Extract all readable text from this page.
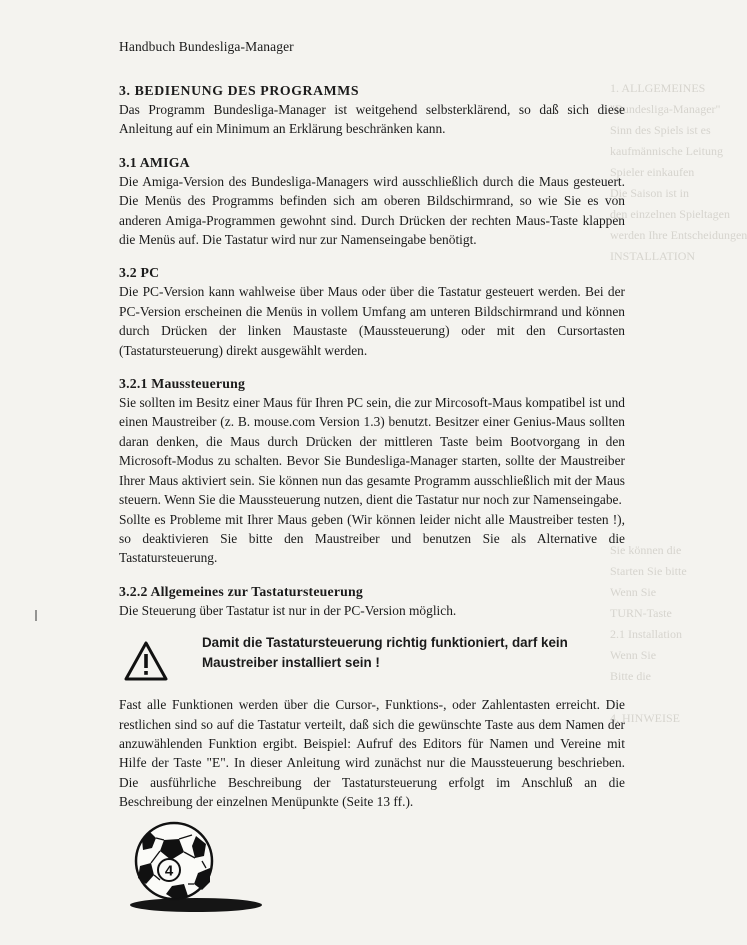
1. ALLGEMEINES
"Bundesliga-Manager"
Sinn des Spiels ist es
kaufmännische Leitung
Spieler einkaufen
Die Saison ist in
den einzelnen Spieltagen
werden Ihre Entscheidungen
INSTALLATION
Sie können die
Starten Sie bitte
Wenn Sie
TURN-Taste
2.1 Installation
Wenn Sie
Bitte die
4. HINWEISE
Handbuch Bundesliga-Manager
3. BEDIENUNG DES PROGRAMMS

Das Programm Bundesliga-Manager ist weitgehend selbsterklärend, so daß sich diese Anleitung auf ein Minimum an Erklärung beschränken kann.

3.1 AMIGA

Die Amiga-Version des Bundesliga-Managers wird ausschließlich durch die Maus gesteuert. Die Menüs des Programms befinden sich am oberen Bildschirmrand, so wie Sie es von anderen Amiga-Programmen gewohnt sind. Durch Drücken der rechten Maus-Taste klappen die Menüs auf. Die Tastatur wird nur zur Namenseingabe benötigt.

3.2 PC

Die PC-Version kann wahlweise über Maus oder über die Tastatur gesteuert werden. Bei der PC-Version erscheinen die Menüs in vollem Umfang am unteren Bildschirmrand und können durch Drücken der linken Maustaste (Maussteuerung) oder mit den Cursortasten (Tastatursteuerung) direkt ausgewählt werden.

3.2.1 Maussteuerung

Sie sollten im Besitz einer Maus für Ihren PC sein, die zur Mircosoft-Maus kompatibel ist und einen Maustreiber (z. B. mouse.com Version 1.3) benutzt. Besitzer einer Genius-Maus sollten daran denken, die Maus durch Drücken der mittleren Taste beim Bootvorgang in den Microsoft-Modus zu schalten. Bevor Sie Bundesliga-Manager starten, sollte der Maustreiber Ihrer Maus aktiviert sein. Sie können nun das gesamte Programm ausschließlich mit der Maus steuern. Wenn Sie die Maussteuerung nutzen, dient die Tastatur nur noch zur Namenseingabe.

Sollte es Probleme mit Ihrer Maus geben (Wir können leider nicht alle Maustreiber testen !), so deaktivieren Sie bitte den Maustreiber und benutzen Sie als Alternative die Tastatursteuerung.

3.2.2 Allgemeines zur Tastatursteuerung

Die Steuerung über Tastatur ist nur in der PC-Version möglich.

Damit die Tastatursteuerung richtig funktioniert, darf kein Maustreiber installiert sein !

Fast alle Funktionen werden über die Cursor-, Funktions-, oder Zahlentasten erreicht. Die restlichen sind so auf die Tastatur verteilt, daß sich die gewünschte Taste aus dem Namen der anzuwählenden Funktion ergibt. Beispiel: Aufruf des Editors für Namen und Vereine mit Hilfe der Taste "E". In dieser Anleitung wird zunächst nur die Maussteuerung beschrieben. Die ausführliche Beschreibung der Tastatursteuerung erfolgt im Anschluß an die Beschreibung der einzelnen Menüpunkte (Seite 13 ff.).

4
